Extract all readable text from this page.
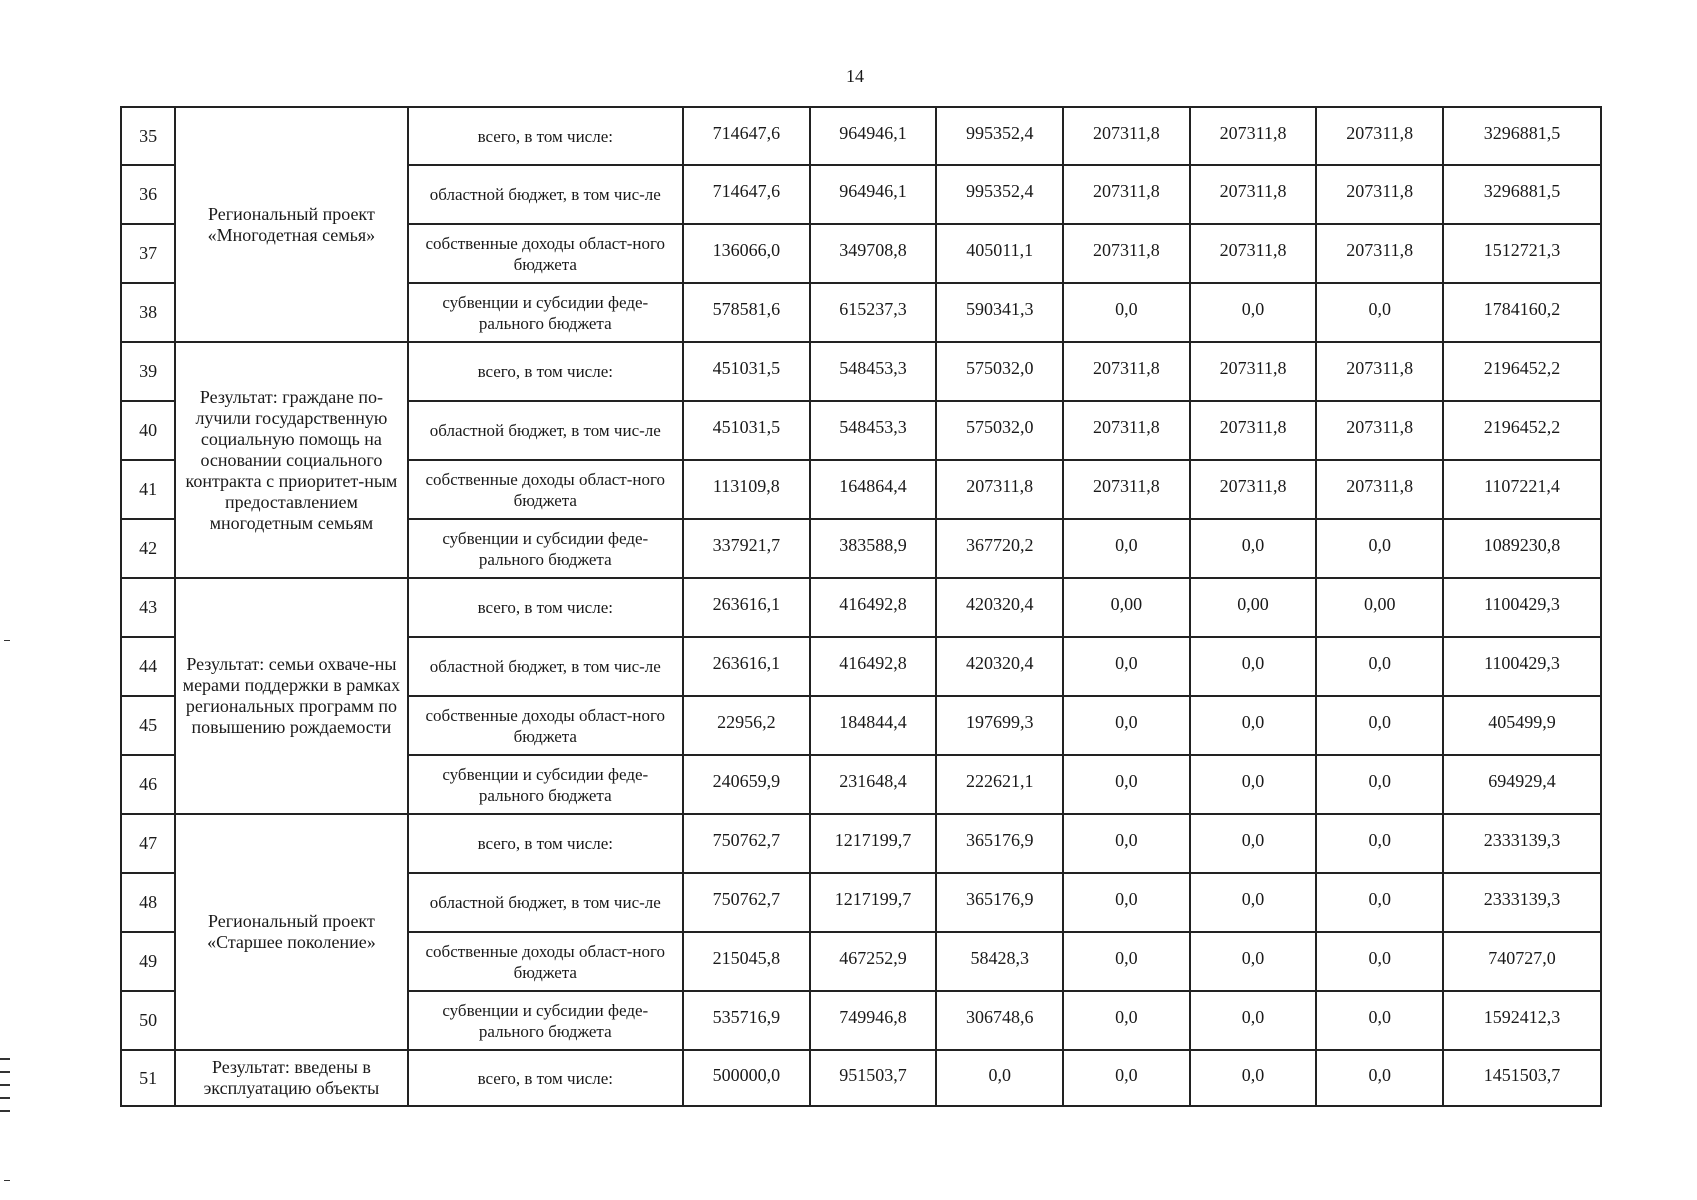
14
35	Региональный проект «Многодетная семья»	всего, в том числе:	714647,6	964946,1	995352,4	207311,8	207311,8	207311,8	3296881,5
36		областной бюджет, в том чис-ле	714647,6	964946,1	995352,4	207311,8	207311,8	207311,8	3296881,5
37		собственные доходы област-ного бюджета	136066,0	349708,8	405011,1	207311,8	207311,8	207311,8	1512721,3
38		субвенции и субсидии феде-рального бюджета	578581,6	615237,3	590341,3	0,0	0,0	0,0	1784160,2
39	Результат: граждане по-лучили государственную социальную помощь на основании социального контракта с приоритет-ным предоставлением многодетным семьям	всего, в том числе:	451031,5	548453,3	575032,0	207311,8	207311,8	207311,8	2196452,2
40		областной бюджет, в том чис-ле	451031,5	548453,3	575032,0	207311,8	207311,8	207311,8	2196452,2
41		собственные доходы област-ного бюджета	113109,8	164864,4	207311,8	207311,8	207311,8	207311,8	1107221,4
42		субвенции и субсидии феде-рального бюджета	337921,7	383588,9	367720,2	0,0	0,0	0,0	1089230,8
43	Результат: семьи охваче-ны мерами поддержки в рамках региональных программ по повышению рождаемости	всего, в том числе:	263616,1	416492,8	420320,4	0,00	0,00	0,00	1100429,3
44		областной бюджет, в том чис-ле	263616,1	416492,8	420320,4	0,0	0,0	0,0	1100429,3
45		собственные доходы област-ного бюджета	22956,2	184844,4	197699,3	0,0	0,0	0,0	405499,9
46		субвенции и субсидии феде-рального бюджета	240659,9	231648,4	222621,1	0,0	0,0	0,0	694929,4
47	Региональный проект «Старшее поколение»	всего, в том числе:	750762,7	1217199,7	365176,9	0,0	0,0	0,0	2333139,3
48		областной бюджет, в том чис-ле	750762,7	1217199,7	365176,9	0,0	0,0	0,0	2333139,3
49		собственные доходы област-ного бюджета	215045,8	467252,9	58428,3	0,0	0,0	0,0	740727,0
50		субвенции и субсидии феде-рального бюджета	535716,9	749946,8	306748,6	0,0	0,0	0,0	1592412,3
51	Результат: введены в эксплуатацию объекты	всего, в том числе:	500000,0	951503,7	0,0	0,0	0,0	0,0	1451503,7
